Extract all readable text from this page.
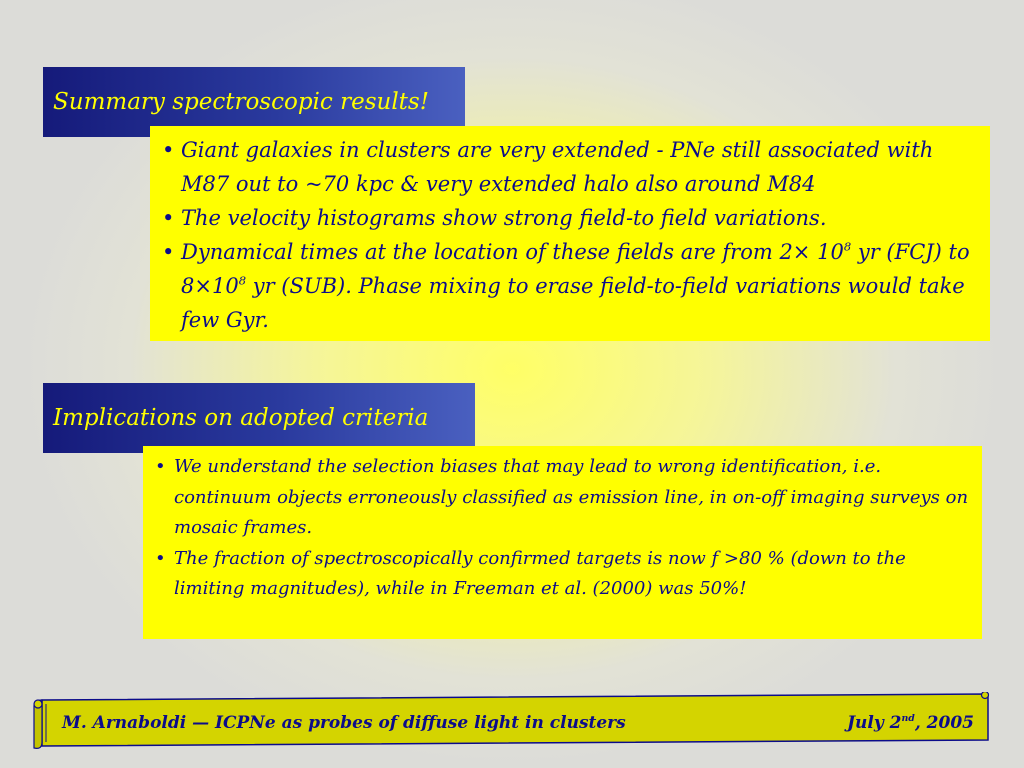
Summary spectroscopic results!
• Giant galaxies in clusters are very extended - PNe still associated with M87 out to ~70 kpc & very extended halo also around M84
• The velocity histograms show strong field-to field variations.
• Dynamical times at the location of these fields are from $2\times 10^8$ yr (FCJ) to $8\times 10^8$ yr (SUB). Phase mixing to erase field-to-field variations would take few Gyr.
Implications on adopted criteria
• We understand the selection biases that may lead to wrong identification, i.e. continuum objects erroneously classified as emission line, in on-off imaging surveys on mosaic frames.
• The fraction of spectroscopically confirmed targets is now f >80 % (down to the limiting magnitudes), while in Freeman et al. (2000) was 50%!
M. Arnaboldi — ICPNe as probes of diffuse light in clusters	July 2nd, 2005
